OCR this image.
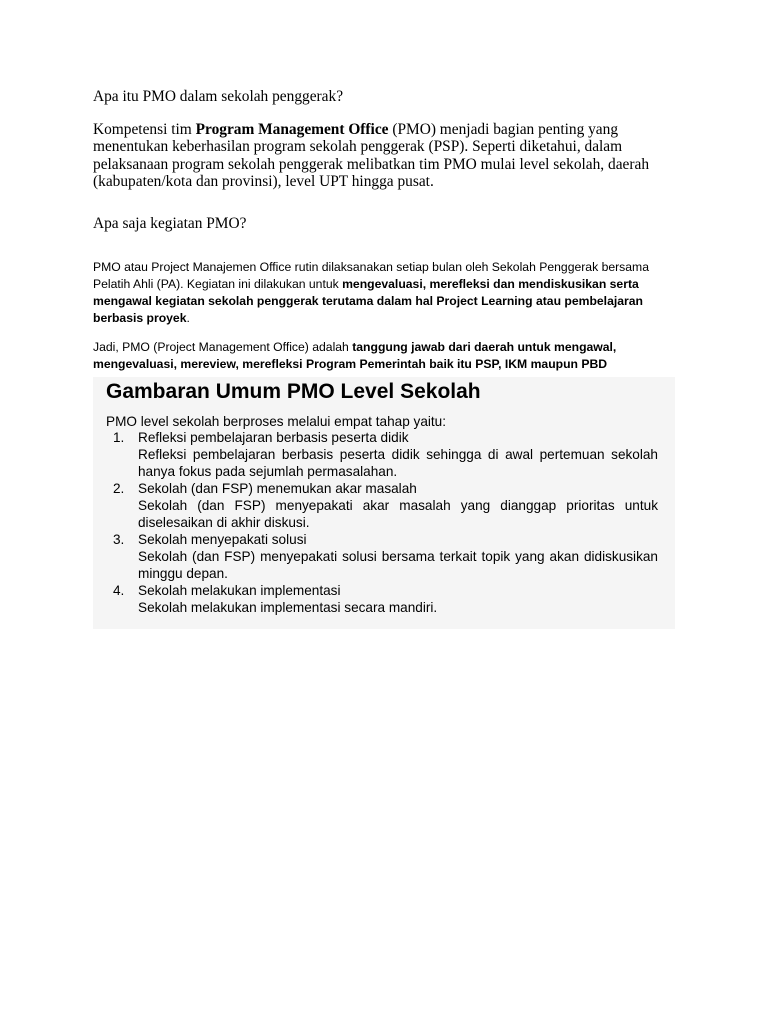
Apa itu PMO dalam sekolah penggerak?

Kompetensi tim Program Management Office (PMO) menjadi bagian penting yang menentukan keberhasilan program sekolah penggerak (PSP). Seperti diketahui, dalam pelaksanaan program sekolah penggerak melibatkan tim PMO mulai level sekolah, daerah (kabupaten/kota dan provinsi), level UPT hingga pusat.

Apa saja kegiatan PMO?

PMO atau Project Manajemen Office rutin dilaksanakan setiap bulan oleh Sekolah Penggerak bersama Pelatih Ahli (PA). Kegiatan ini dilakukan untuk mengevaluasi, merefleksi dan mendiskusikan serta mengawal kegiatan sekolah penggerak terutama dalam hal Project Learning atau pembelajaran berbasis proyek.

Jadi, PMO (Project Management Office) adalah tanggung jawab dari daerah untuk mengawal, mengevaluasi, mereview, merefleksi Program Pemerintah baik itu PSP, IKM maupun PBD

Gambaran Umum PMO Level Sekolah
PMO level sekolah berproses melalui empat tahap yaitu:
1. Refleksi pembelajaran berbasis peserta didik
Refleksi pembelajaran berbasis peserta didik sehingga di awal pertemuan sekolah hanya fokus pada sejumlah permasalahan.
2. Sekolah (dan FSP) menemukan akar masalah
Sekolah (dan FSP) menyepakati akar masalah yang dianggap prioritas untuk diselesaikan di akhir diskusi.
3. Sekolah menyepakati solusi
Sekolah (dan FSP) menyepakati solusi bersama terkait topik yang akan didiskusikan minggu depan.
4. Sekolah melakukan implementasi
Sekolah melakukan implementasi secara mandiri.
